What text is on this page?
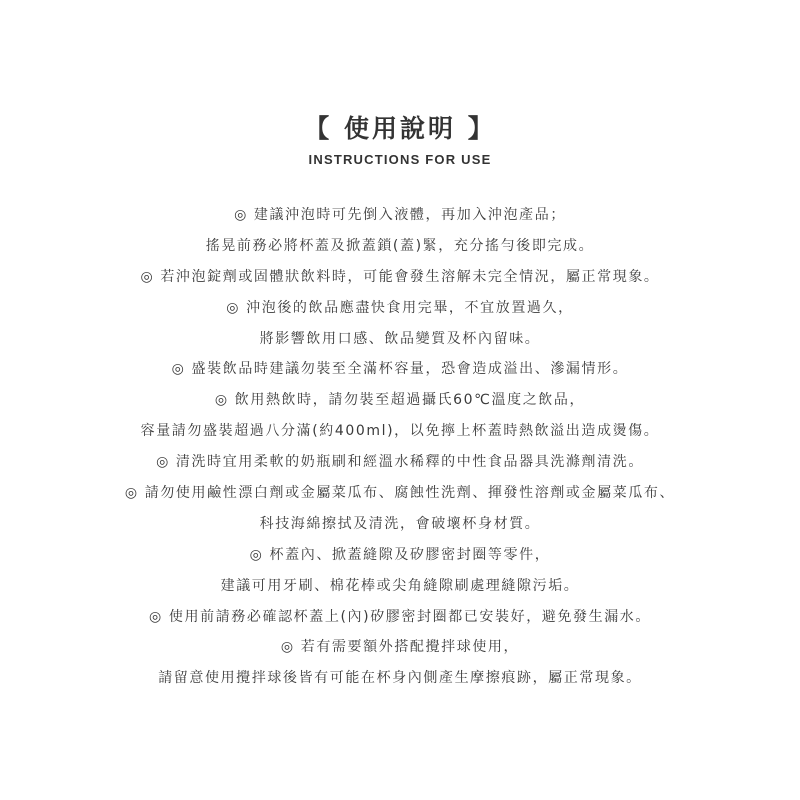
【 使用說明 】
INSTRUCTIONS FOR USE
◎ 建議沖泡時可先倒入液體，再加入沖泡產品；
搖晃前務必將杯蓋及掀蓋鎖(蓋)緊，充分搖勻後即完成。
◎ 若沖泡錠劑或固體狀飲料時，可能會發生溶解未完全情況，屬正常現象。
◎ 沖泡後的飲品應盡快食用完畢，不宜放置過久，
將影響飲用口感、飲品變質及杯內留味。
◎ 盛裝飲品時建議勿裝至全滿杯容量，恐會造成溢出、滲漏情形。
◎ 飲用熱飲時，請勿裝至超過攝氏60℃溫度之飲品，
容量請勿盛裝超過八分滿(約400ml)，以免擰上杯蓋時熱飲溢出造成燙傷。
◎ 清洗時宜用柔軟的奶瓶刷和經溫水稀釋的中性食品器具洗滌劑清洗。
◎ 請勿使用鹼性漂白劑或金屬菜瓜布、腐蝕性洗劑、揮發性溶劑或金屬菜瓜布、
科技海綿擦拭及清洗，會破壞杯身材質。
◎ 杯蓋內、掀蓋縫隙及矽膠密封圈等零件，
建議可用牙刷、棉花棒或尖角縫隙刷處理縫隙污垢。
◎ 使用前請務必確認杯蓋上(內)矽膠密封圈都已安裝好，避免發生漏水。
◎ 若有需要額外搭配攪拌球使用，
請留意使用攪拌球後皆有可能在杯身內側產生摩擦痕跡，屬正常現象。
